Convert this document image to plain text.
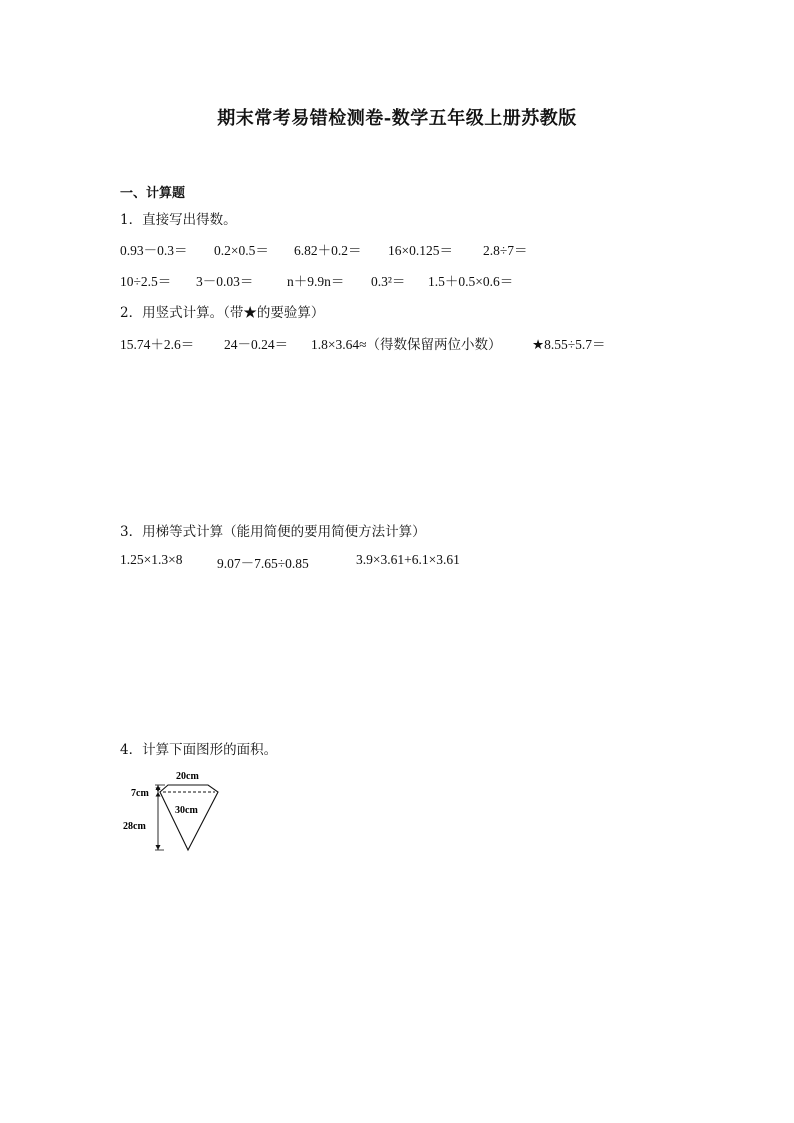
期末常考易错检测卷-数学五年级上册苏教版
一、计算题
1．直接写出得数。
0.93－0.3＝ 0.2×0.5＝ 6.82＋0.2＝ 16×0.125＝ 2.8÷7＝
10÷2.5＝ 3－0.03＝ n＋9.9n＝ 0.3²＝ 1.5＋0.5×0.6＝
2．用竖式计算。（带★的要验算）
15.74＋2.6＝ 24－0.24＝ 1.8×3.64≈（得数保留两位小数） ★8.55÷5.7＝
3．用梯等式计算（能用简便的要用简便方法计算）
1.25×1.3×8	9.07－7.65÷0.85	3.9×3.61+6.1×3.61
4．计算下面图形的面积。
20cm
30cm
7cm
28cm
